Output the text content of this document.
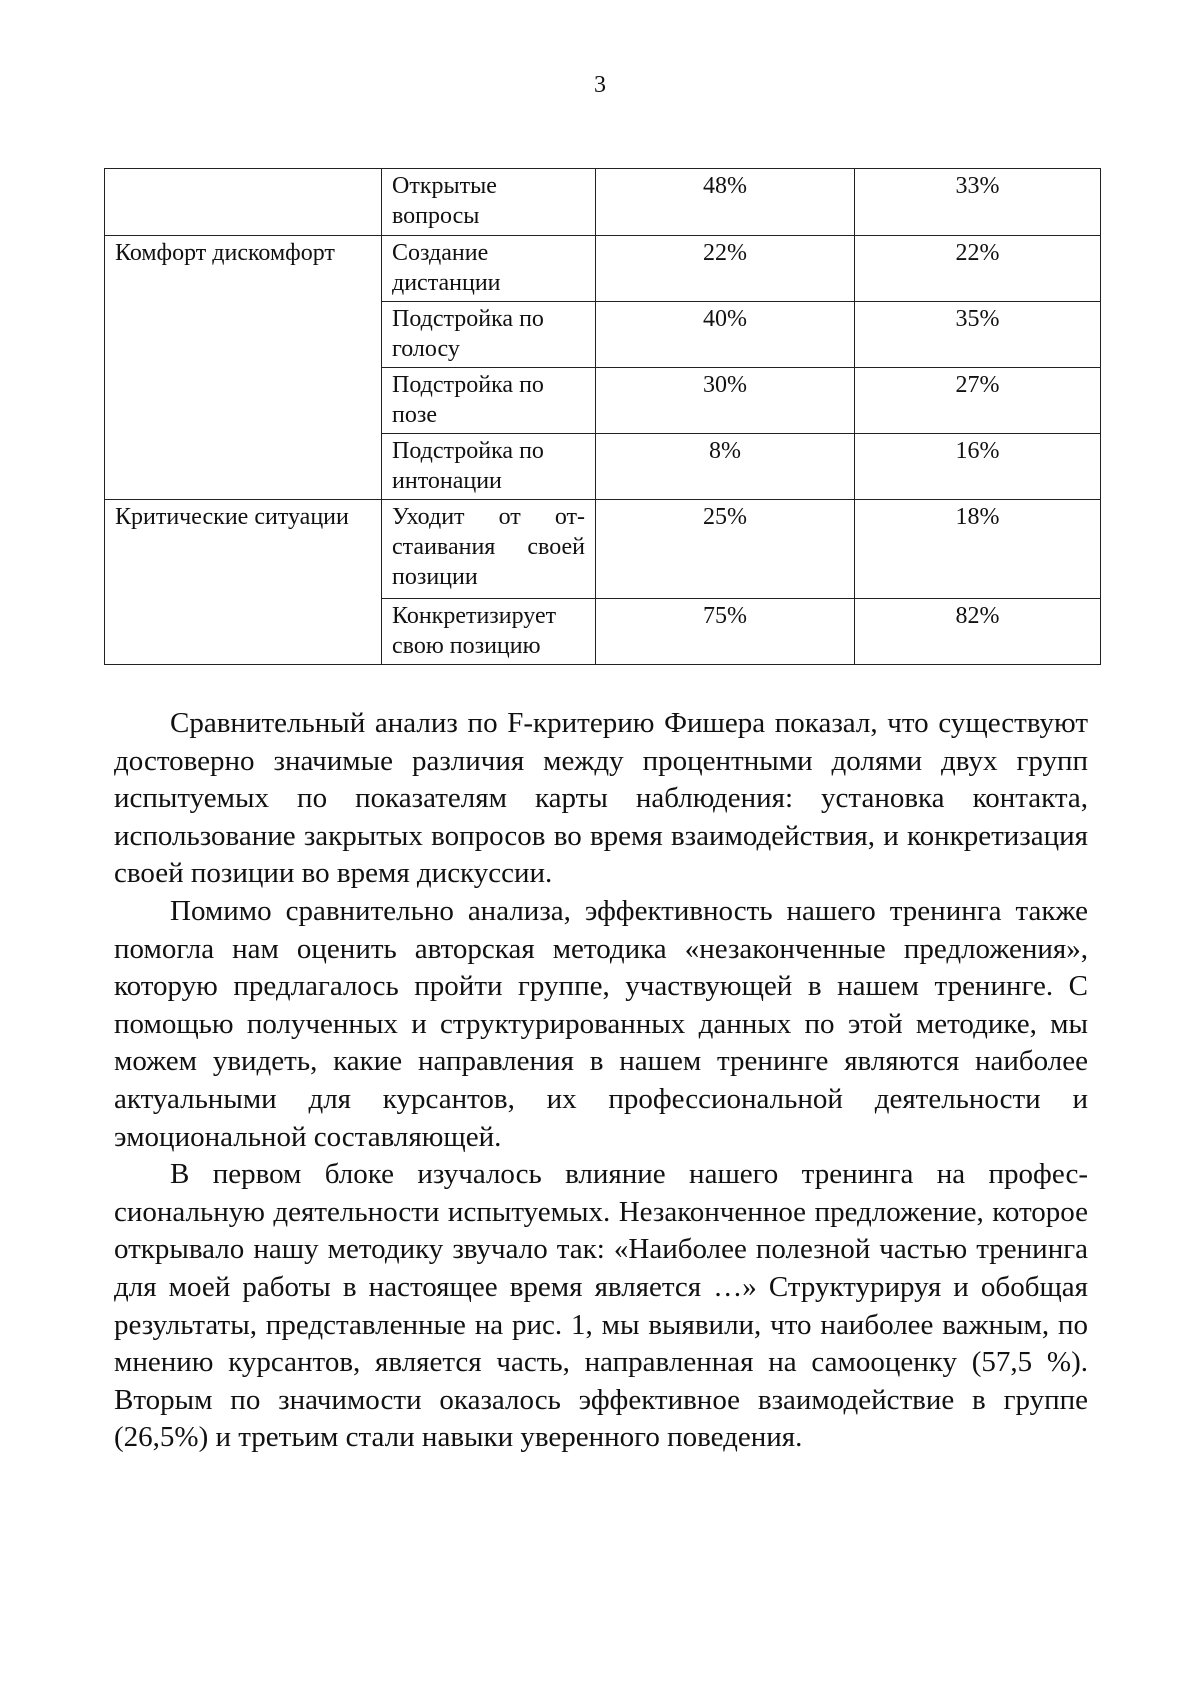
3
	Открытые вопросы	48%	33%
Комфорт дискомфорт	Создание дистанции	22%	22%
	Подстройка по голосу	40%	35%
	Подстройка по позе	30%	27%
	Подстройка по интонации	8%	16%
Критические ситуации	Уходит от отстаивания своей позиции	25%	18%
	Конкретизирует свою позицию	75%	82%

Сравнительный анализ по F-критерию Фишера показал, что существуют достоверно значимые различия между процентными долями двух групп испытуемых по показателям карты наблюдения: установка контакта, использование закрытых вопросов во время взаимодействия, и конкретизация своей позиции во время дискуссии.

Помимо сравнительно анализа, эффективность нашего тренинга также помогла нам оценить авторская методика «незаконченные предложения», которую предлагалось пройти группе, участвующей в нашем тренинге. С помощью полученных и структурированных данных по этой методике, мы можем увидеть, какие направления в нашем тренинге являются наиболее актуальными для курсантов, их профессиональной деятельности и эмоциональной составляющей.

В первом блоке изучалось влияние нашего тренинга на профессиональную деятельности испытуемых. Незаконченное предложение, которое открывало нашу методику звучало так: «Наиболее полезной частью тренинга для моей работы в настоящее время является …» Структурируя и обобщая результаты, представленные на рис. 1, мы выявили, что наиболее важным, по мнению курсантов, является часть, направленная на самооценку (57,5 %). Вторым по значимости оказалось эффективное взаимодействие в группе (26,5%) и третьим стали навыки уверенного поведения.
